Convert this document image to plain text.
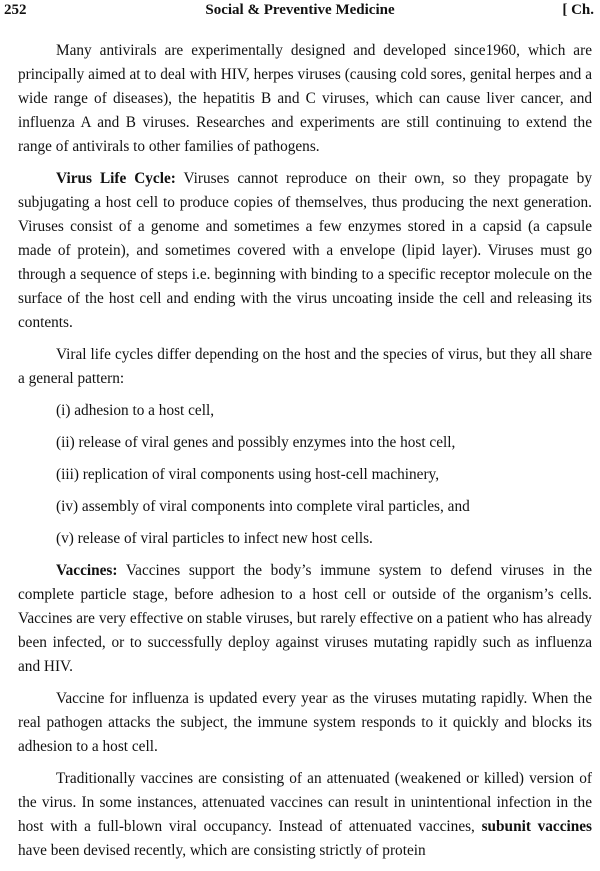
252	Social & Preventive Medicine	[ Ch.

Many antivirals are experimentally designed and developed since1960, which are principally aimed at to deal with HIV, herpes viruses (causing cold sores, genital herpes and a wide range of diseases), the hepatitis B and C viruses, which can cause liver cancer, and influenza A and B viruses. Researches and experiments are still continuing to extend the range of antivirals to other families of pathogens.

Virus Life Cycle: Viruses cannot reproduce on their own, so they propagate by subjugating a host cell to produce copies of themselves, thus producing the next generation. Viruses consist of a genome and sometimes a few enzymes stored in a capsid (a capsule made of protein), and sometimes covered with a envelope (lipid layer). Viruses must go through a sequence of steps i.e. beginning with binding to a specific receptor molecule on the surface of the host cell and ending with the virus uncoating inside the cell and releasing its contents.

Viral life cycles differ depending on the host and the species of virus, but they all share a general pattern:

(i) adhesion to a host cell,

(ii) release of viral genes and possibly enzymes into the host cell,

(iii) replication of viral components using host-cell machinery,

(iv) assembly of viral components into complete viral particles, and

(v) release of viral particles to infect new host cells.

Vaccines: Vaccines support the body’s immune system to defend viruses in the complete particle stage, before adhesion to a host cell or outside of the organism’s cells. Vaccines are very effective on stable viruses, but rarely effective on a patient who has already been infected, or to successfully deploy against viruses mutating rapidly such as influenza and HIV.

Vaccine for influenza is updated every year as the viruses mutating rapidly. When the real pathogen attacks the subject, the immune system responds to it quickly and blocks its adhesion to a host cell.

Traditionally vaccines are consisting of an attenuated (weakened or killed) version of the virus. In some instances, attenuated vaccines can result in unintentional infection in the host with a full-blown viral occupancy. Instead of attenuated vaccines, subunit vaccines have been devised recently, which are consisting strictly of protein
